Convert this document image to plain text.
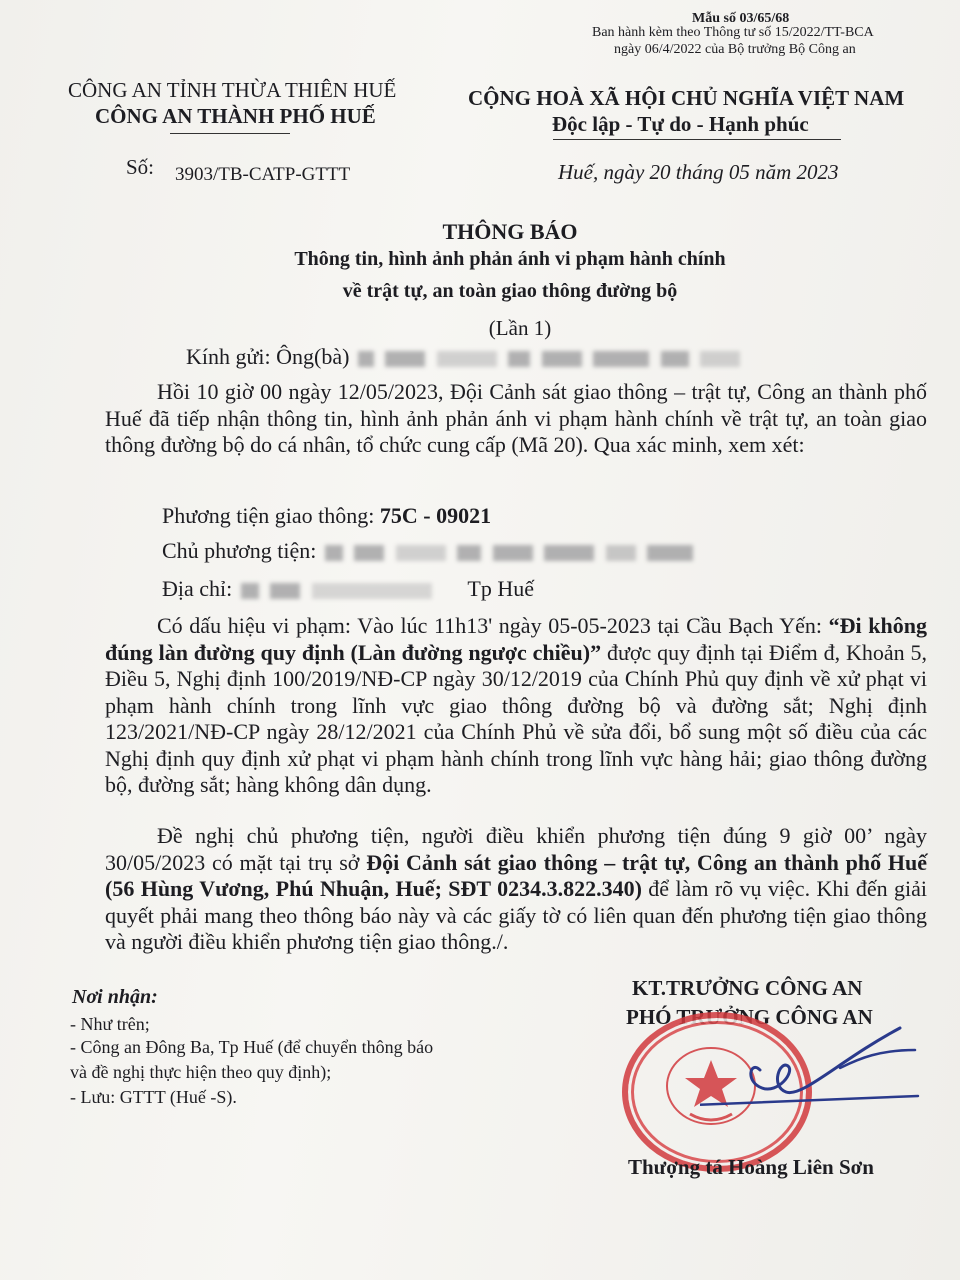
Mẫu số 03/65/68
Ban hành kèm theo Thông tư số 15/2022/TT-BCA
ngày 06/4/2022 của Bộ trưởng Bộ Công an
CÔNG AN TỈNH THỪA THIÊN HUẾ
CÔNG AN THÀNH PHỐ HUẾ
CỘNG HOÀ XÃ HỘI CHỦ NGHĨA VIỆT NAM
Độc lập - Tự do - Hạnh phúc
Số: 3903/TB-CATP-GTTT	Huế, ngày 20 tháng 05 năm 2023
THÔNG BÁO
Thông tin, hình ảnh phản ánh vi phạm hành chính
về trật tự, an toàn giao thông đường bộ
(Lần 1)
Kính gửi: Ông(bà)
Hồi 10 giờ 00 ngày 12/05/2023, Đội Cảnh sát giao thông – trật tự, Công an thành phố Huế đã tiếp nhận thông tin, hình ảnh phản ánh vi phạm hành chính về trật tự, an toàn giao thông đường bộ do cá nhân, tổ chức cung cấp (Mã 20). Qua xác minh, xem xét:
Phương tiện giao thông: 75C - 09021
Chủ phương tiện:
Địa chỉ:	Tp Huế
Có dấu hiệu vi phạm: Vào lúc 11h13' ngày 05-05-2023 tại Cầu Bạch Yến: “Đi không đúng làn đường quy định (Làn đường ngược chiều)” được quy định tại Điểm đ, Khoản 5, Điều 5, Nghị định 100/2019/NĐ-CP ngày 30/12/2019 của Chính Phủ quy định về xử phạt vi phạm hành chính trong lĩnh vực giao thông đường bộ và đường sắt; Nghị định 123/2021/NĐ-CP ngày 28/12/2021 của Chính Phủ về sửa đổi, bổ sung một số điều của các Nghị định quy định xử phạt vi phạm hành chính trong lĩnh vực hàng hải; giao thông đường bộ, đường sắt; hàng không dân dụng.
Đề nghị chủ phương tiện, người điều khiển phương tiện đúng 9 giờ 00’ ngày 30/05/2023 có mặt tại trụ sở Đội Cảnh sát giao thông – trật tự, Công an thành phố Huế (56 Hùng Vương, Phú Nhuận, Huế; SĐT 0234.3.822.340) để làm rõ vụ việc. Khi đến giải quyết phải mang theo thông báo này và các giấy tờ có liên quan đến phương tiện giao thông và người điều khiển phương tiện giao thông./.
Nơi nhận:
- Như trên;
- Công an Đông Ba, Tp Huế (để chuyển thông báo
và đề nghị thực hiện theo quy định);
- Lưu: GTTT (Huế -S).
KT.TRƯỞNG CÔNG AN
PHÓ TRƯỞNG CÔNG AN
Thượng tá Hoàng Liên Sơn
